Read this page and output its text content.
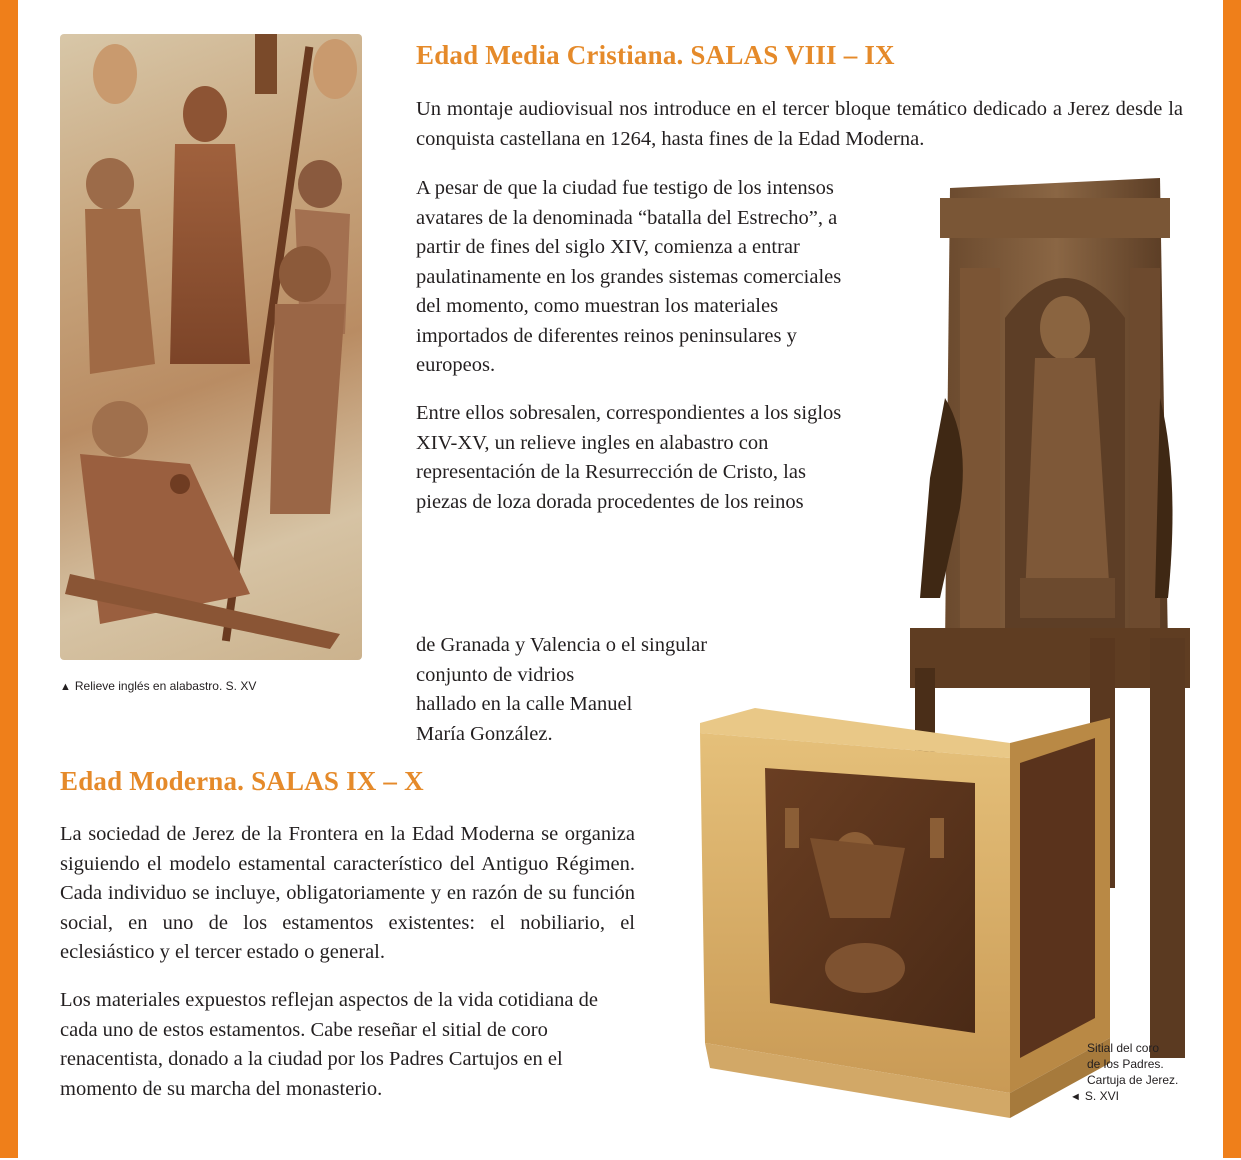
▲ Relieve inglés en alabastro. S. XV

Edad Media Cristiana. SALAS VIII – IX

Un montaje audiovisual nos introduce en el tercer bloque temático dedicado a Jerez desde la conquista castellana en 1264, hasta fines de la Edad Moderna.

A pesar de que la ciudad fue testigo de los intensos
avatares de la denominada “batalla del Estrecho”, a
partir de fines del siglo XIV, comienza a entrar
paulatinamente en los grandes sistemas comerciales
del momento, como muestran los materiales
importados de diferentes reinos peninsulares y
europeos.
Entre ellos sobresalen, correspondientes a los siglos
XIV-XV, un relieve ingles en alabastro con
representación de la Resurrección de Cristo, las
piezas de loza dorada procedentes de los reinos
de Granada y Valencia o el singular
conjunto de vidrios
hallado en la calle Manuel
María González.
Edad Moderna. SALAS IX – X

La sociedad de Jerez de la Frontera en la Edad Moderna se organiza siguiendo el modelo estamental característico del Antiguo Régimen. Cada individuo se incluye, obligatoriamente y en razón de su función social, en uno de los estamentos existentes: el nobiliario, el eclesiástico y el tercer estado o general.

Los materiales expuestos reflejan aspectos de la vida cotidiana de
cada uno de estos estamentos. Cabe reseñar el sitial de coro
renacentista, donado a la ciudad por los Padres Cartujos en el
momento de su marcha del monasterio.
Sitial del coro
de los Padres.
Cartuja de Jerez.
◄ S. XVI
